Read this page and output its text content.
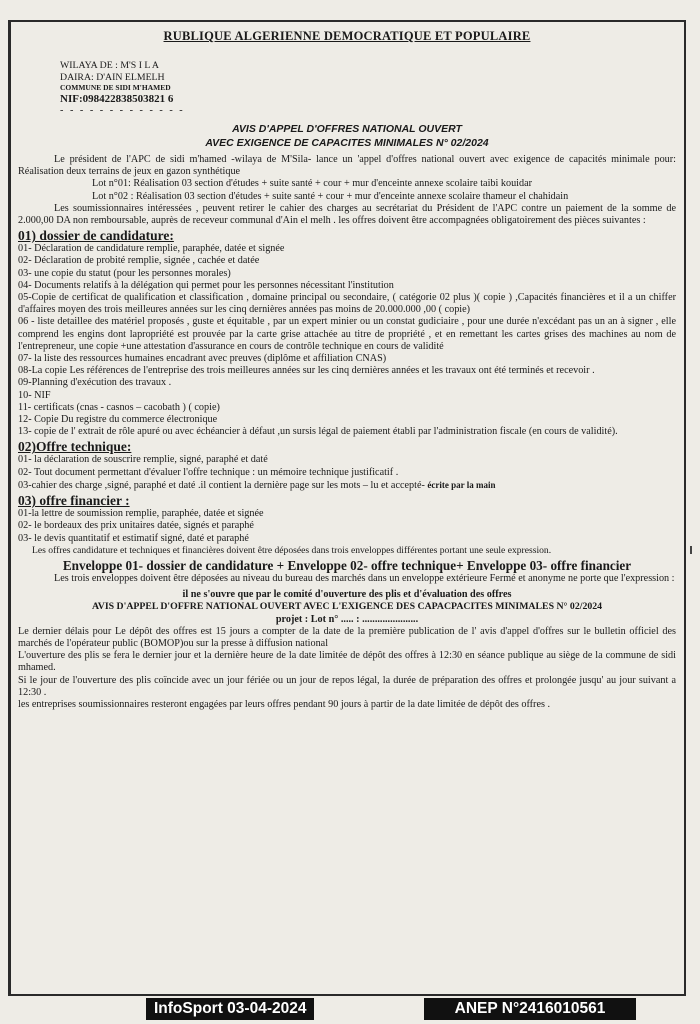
RUBLIQUE ALGERIENNE DEMOCRATIQUE ET POPULAIRE

WILAYA DE : M'S I L A
DAIRA: D'AIN ELMELH
COMMUNE DE SIDI M'HAMED
NIF:098422838503821 6
- - - - - - - - - - - - -
AVIS D'APPEL D'OFFRES NATIONAL OUVERT
AVEC EXIGENCE DE CAPACITES MINIMALES N° 02/2024

Le président de l'APC de sidi m'hamed -wilaya de M'Sila- lance un 'appel d'offres national ouvert avec exigence de capacités minimale pour: Réalisation deux terrains de jeux en gazon synthétique

Lot n°01: Réalisation 03 section d'études + suite santé + cour + mur d'enceinte annexe scolaire taibi kouidar

Lot n°02 : Réalisation 03 section d'études + suite santé + cour + mur d'enceinte annexe scolaire thameur el chahidain

Les soumissionnaires intéressées , peuvent retirer le cahier des charges au secrétariat du Président de l'APC contre un paiement de la somme de 2.000,00 DA non remboursable, auprès de receveur communal d'Ain el melh . les offres doivent être accompagnées obligatoirement des pièces suivantes :

01) dossier de candidature:

01- Déclaration de candidature remplie, paraphée, datée et signée

02- Déclaration de probité remplie, signée , cachée et datée

03- une copie du statut (pour les personnes morales)

04- Documents relatifs à la délégation qui permet pour les personnes nécessitant l'institution

05-Copie de certificat de qualification et classification , domaine principal ou secondaire, ( catégorie 02 plus )( copie ) ,Capacités financières et il a un chiffer d'affaires moyen des trois meilleures années sur les cinq dernières années pas moins de 20.000.000 ,00 ( copie)

06 - liste detaillee des matériel proposés , guste et équitable , par un expert minier ou un constat gudiciaire , pour une durée n'excédant pas un an à signer , elle comprend les engins dont lapropriété est prouvée par la carte grise attachée au titre de propriété , et en remettant les cartes grises des machines au nom de l'entrepreneur, une copie +une attestation d'assurance en cours de contrôle technique en cours de validité

07- la liste des ressources humaines encadrant avec preuves (diplôme et affiliation CNAS)

08-La copie Les références de l'entreprise des trois meilleures années sur les cinq dernières années et les travaux ont été terminés et recevoir .

09-Planning d'exécution des travaux .

10- NIF

11- certificats (cnas - casnos – cacobath ) ( copie)

12- Copie Du registre du commerce électronique

13- copie de l' extrait de rôle apuré ou avec échéancier à défaut ,un sursis légal de paiement établi par l'administration fiscale (en cours de validité).

02)Offre technique:

01- la déclaration de souscrire remplie, signé, paraphé et daté

02- Tout document permettant d'évaluer l'offre technique : un mémoire technique justificatif .

03-cahier des charge ,signé, paraphé et daté .il contient la dernière page sur les mots – lu et accepté- écrite par la main

03) offre financier :

01-la lettre de soumission remplie, paraphée, datée et signée

02- le bordeaux des prix unitaires datée, signés et paraphé

03- le devis quantitatif et estimatif signé, daté et paraphé

Les offres candidature et techniques et financières doivent être déposées dans trois enveloppes différentes portant une seule expression.

Enveloppe 01- dossier de candidature + Enveloppe 02- offre technique+ Enveloppe 03- offre financier

Les trois enveloppes doivent être déposées au niveau du bureau des marchés dans un enveloppe extérieure Fermé et anonyme ne porte que l'expression :

il ne s'ouvre que par le comité d'ouverture des plis et d'évaluation des offres

AVIS D'APPEL D'OFFRE NATIONAL OUVERT AVEC L'EXIGENCE DES CAPACPACITES MINIMALES N° 02/2024

projet : Lot n° ..... : ......................

Le dernier délais pour Le dépôt des offres est 15 jours a compter de la date de la première publication de l' avis d'appel d'offres sur le bulletin officiel des marchés de l'opérateur public (BOMOP)ou sur la presse à diffusion national

L'ouverture des plis se fera le dernier jour et la dernière heure de la date limitée de dépôt des offres à 12:30 en séance publique au siège de la commune de sidi mhamed.

Si le jour de l'ouverture des plis coïncide avec un jour fériée ou un jour de repos légal, la durée de préparation des offres et prolongée jusqu' au jour suivant a 12:30 .

les entreprises soumissionnaires resteront engagées par leurs offres pendant 90 jours à partir de la date limitée de dépôt des offres .

InfoSport 03-04-2024	ANEP N°2416010561
